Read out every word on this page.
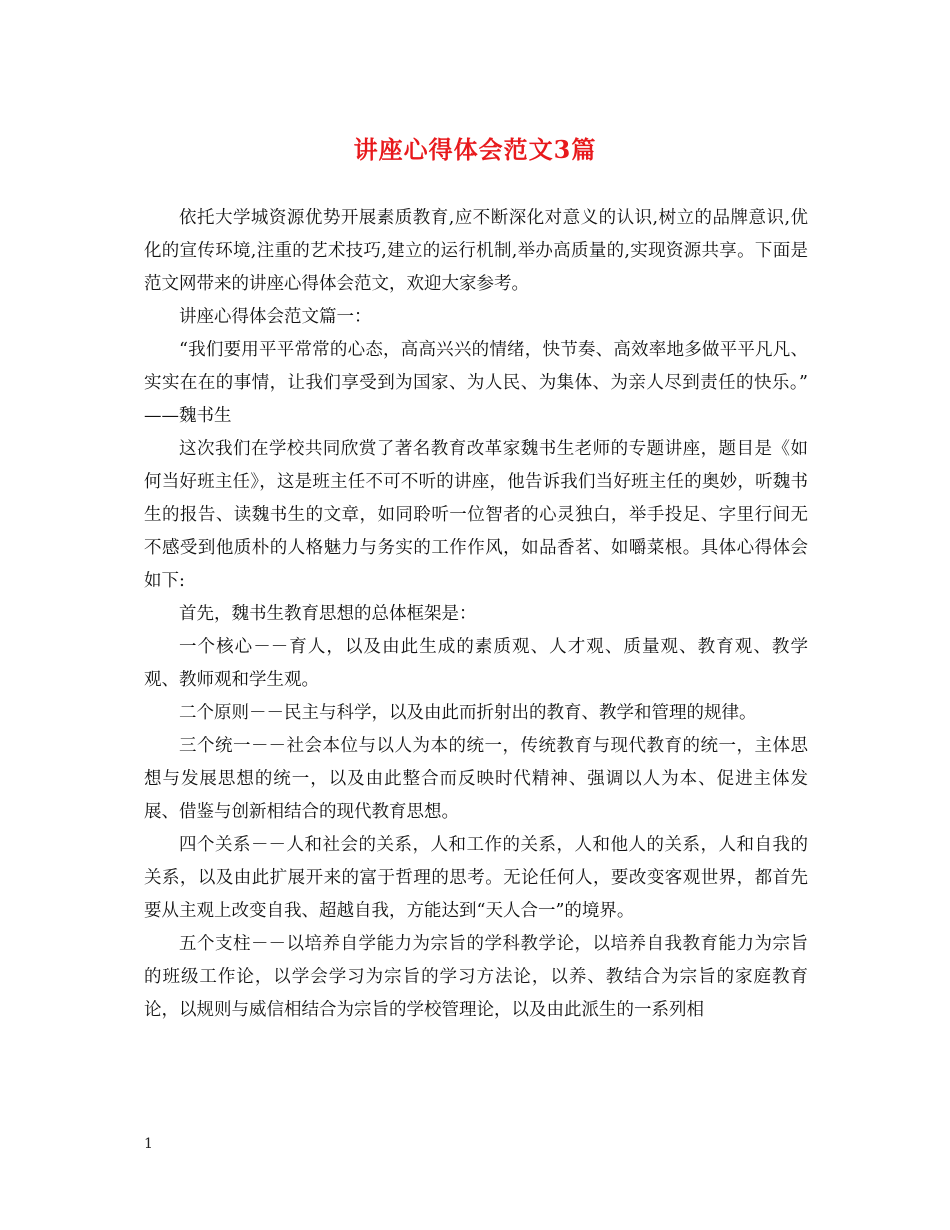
讲座心得体会范文3篇

依托大学城资源优势开展素质教育,应不断深化对意义的认识,树立的品牌意识,优化的宣传环境,注重的艺术技巧,建立的运行机制,举办高质量的,实现资源共享。下面是范文网带来的讲座心得体会范文，欢迎大家参考。

讲座心得体会范文篇一：

“我们要用平平常常的心态，高高兴兴的情绪，快节奏、高效率地多做平平凡凡、实实在在的事情，让我们享受到为国家、为人民、为集体、为亲人尽到责任的快乐。” ——魏书生

这次我们在学校共同欣赏了著名教育改革家魏书生老师的专题讲座，题目是《如何当好班主任》，这是班主任不可不听的讲座，他告诉我们当好班主任的奥妙，听魏书生的报告、读魏书生的文章，如同聆听一位智者的心灵独白，举手投足、字里行间无不感受到他质朴的人格魅力与务实的工作作风，如品香茗、如嚼菜根。具体心得体会如下:

首先，魏书生教育思想的总体框架是：

一个核心－－育人，以及由此生成的素质观、人才观、质量观、教育观、教学观、教师观和学生观。

二个原则－－民主与科学，以及由此而折射出的教育、教学和管理的规律。

三个统一－－社会本位与以人为本的统一，传统教育与现代教育的统一，主体思想与发展思想的统一，以及由此整合而反映时代精神、强调以人为本、促进主体发展、借鉴与创新相结合的现代教育思想。

四个关系－－人和社会的关系，人和工作的关系，人和他人的关系，人和自我的关系，以及由此扩展开来的富于哲理的思考。无论任何人，要改变客观世界，都首先要从主观上改变自我、超越自我，方能达到“天人合一”的境界。

五个支柱－－以培养自学能力为宗旨的学科教学论，以培养自我教育能力为宗旨的班级工作论，以学会学习为宗旨的学习方法论，以养、教结合为宗旨的家庭教育论，以规则与威信相结合为宗旨的学校管理论，以及由此派生的一系列相

1
